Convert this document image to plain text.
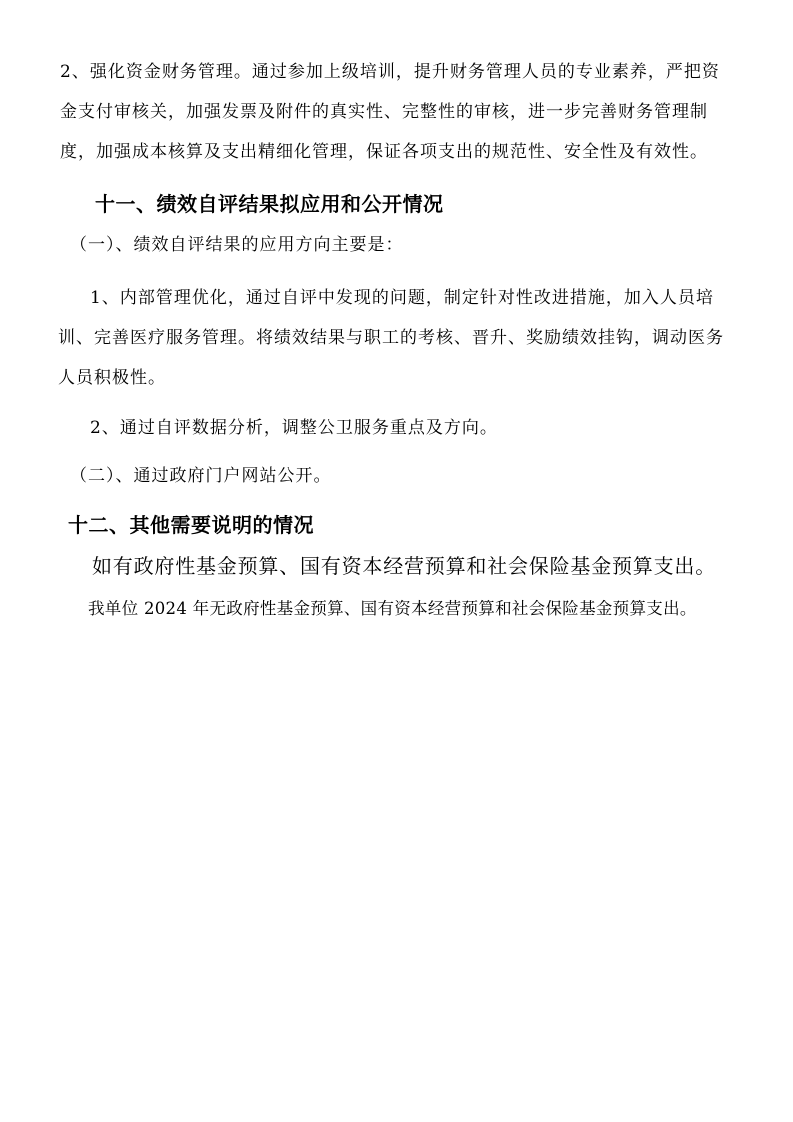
2、强化资金财务管理。通过参加上级培训，提升财务管理人员的专业素养，严把资

金支付审核关，加强发票及附件的真实性、完整性的审核，进一步完善财务管理制

度，加强成本核算及支出精细化管理，保证各项支出的规范性、安全性及有效性。

十一、绩效自评结果拟应用和公开情况

（一）、绩效自评结果的应用方向主要是：

1、内部管理优化，通过自评中发现的问题，制定针对性改进措施，加入人员培

训、完善医疗服务管理。将绩效结果与职工的考核、晋升、奖励绩效挂钩，调动医务

人员积极性。

2、通过自评数据分析，调整公卫服务重点及方向。

（二）、通过政府门户网站公开。

十二、其他需要说明的情况

如有政府性基金预算、国有资本经营预算和社会保险基金预算支出。

我单位 2024 年无政府性基金预算、国有资本经营预算和社会保险基金预算支出。
